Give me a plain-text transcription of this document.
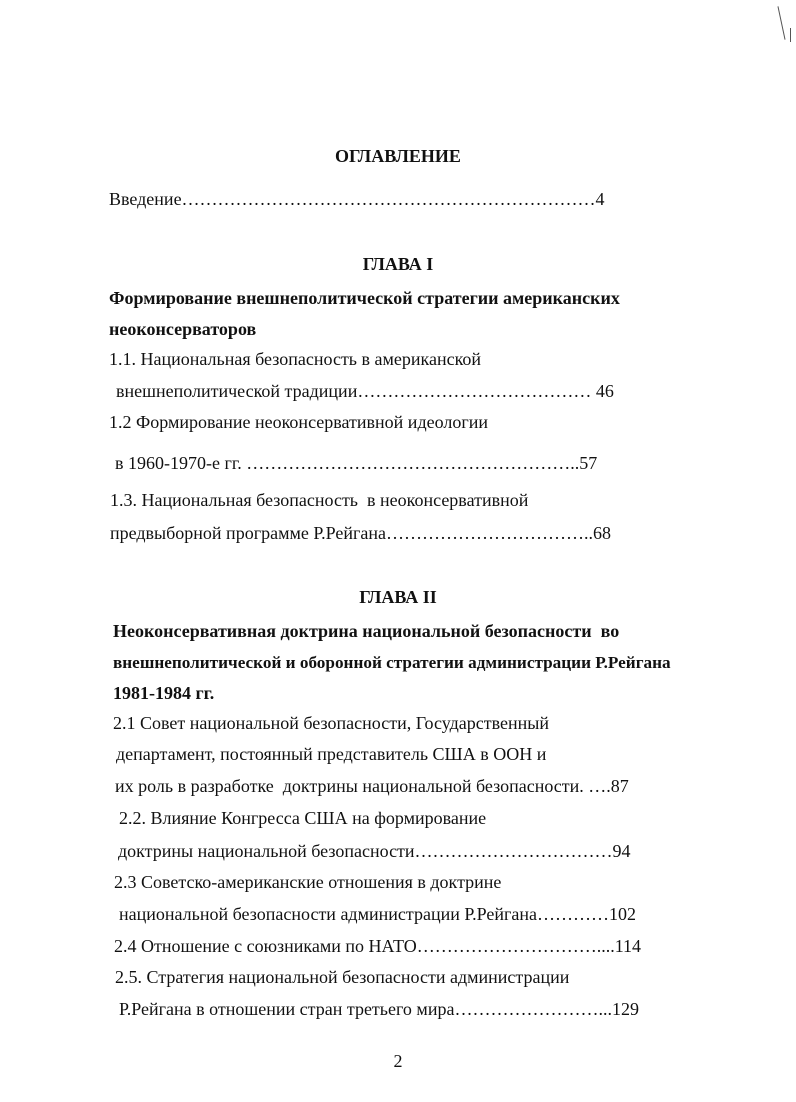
ОГЛАВЛЕНИЕ
Введение……………………………………………………………4
ГЛАВА I
Формирование внешнеполитической стратегии американских
неоконсерваторов
1.1. Национальная безопасность в американской
внешнеполитической традиции………………………………… 46
1.2 Формирование неоконсервативной идеологии
в 1960-1970-е гг. ………………………………………………..57
1.3. Национальная безопасность  в неоконсервативной
предвыборной программе Р.Рейгана……………………………..68
ГЛАВА II
Неоконсервативная доктрина национальной безопасности  во
внешнеполитической и оборонной стратегии администрации Р.Рейгана
1981-1984 гг.
2.1 Совет национальной безопасности, Государственный
департамент, постоянный представитель США в ООН и
их роль в разработке  доктрины национальной безопасности. ….87
2.2. Влияние Конгресса США на формирование
доктрины национальной безопасности……………………………94
2.3 Советско-американские отношения в доктрине
национальной безопасности администрации Р.Рейгана…………102
2.4 Отношение с союзниками по НАТО…………………………....114
2.5. Стратегия национальной безопасности администрации
Р.Рейгана в отношении стран третьего мира……………………...129
2
